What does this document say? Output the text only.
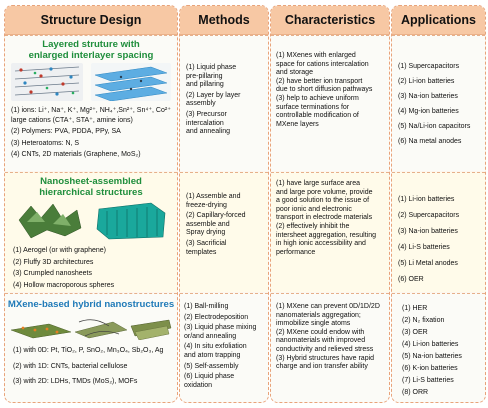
Structure Design
Layered struture with
enlarged interlayer spacing
(1) ions: Li⁺, Na⁺, K⁺, Mg²⁺, NH₄⁺,Sn²⁺, Sn⁴⁺, Co²⁺
large cations (CTA⁺, STA⁺, amine ions)
(2) Polymers: PVA, PDDA, PPy, SA
(3) Heteroatoms: N, S
(4) CNTs, 2D materials (Graphene, MoS₂)
Nanosheet-assembled
hierarchical structures
(1) Aerogel (or with graphene)
(2) Fluffy 3D architectures
(3) Crumpled nanosheets
(4) Hollow macroporous spheres
MXene-based hybrid nanostructures
(1) with 0D: Pt, TiO₂, P, SnO₂, Mn₃O₄, Sb₂O₃, Ag
(2) with 1D: CNTs, bacterial cellulose
(3) with 2D: LDHs, TMDs (MoS₂), MOFs
Methods
(1) Liquid phase
pre-pillaring
and pillaring
(2) Layer by layer
assembly
(3) Precursor
intercalation
and annealing
(1) Assemble and
freeze-drying
(2) Capillary-forced
assemble and
Spray drying
(3) Sacrificial
templates
(1) Ball-milling
(2) Electrodeposition
(3) Liquid phase mixing
or/and annealing
(4) In situ exfoliation
and atom trapping
(5) Self-assembly
(6) Liquid phase
oxidation
Characteristics
(1) MXenes with enlarged
space for cations intercalation
and storage
(2) have better ion transport
due to short diffusion pathways
(3) help to achieve uniform
surface terminations for
controllable modification of
MXene layers
(1) have large surface area
and large pore volume, provide
a good solution to the issue of
poor ionic and electronic
transport in electrode materials
(2) effectively inhibit the
intersheet aggregation, resulting
in high ionic accessibility and
performance
(1) MXene can prevent 0D/1D/2D
nanomaterials aggregation;
immobilize single atoms
(2) MXene could endow with
nanomaterials with improved
conductivity and relieved stress
(3) Hybrid structures have rapid
charge and ion transfer ability
Applications
(1) Supercapacitors
(2) Li-ion batteries
(3) Na-ion batteries
(4) Mg-ion batteries
(5) Na/Li-ion capacitors
(6) Na metal anodes
(1) Li-ion batteries
(2) Supercapacitors
(3) Na-ion batteries
(4) Li-S batteries
(5) Li Metal anodes
(6) OER
(1) HER
(2) N₂ fixation
(3) OER
(4) Li-ion batteries
(5) Na-ion batteries
(6) K-ion batteries
(7) Li-S batteries
(8) ORR
